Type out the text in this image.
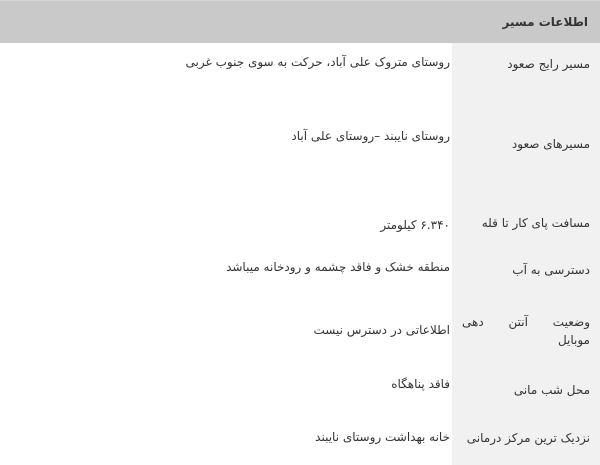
اطلاعات مسیر
مسیر رایج صعود
روستای متروک علی آباد، حرکت به سوی جنوب غربی
مسیرهای صعود
روستای نایبند –روستای علی آباد
مسافت پای کار تا قله
۶.۳۴۰ کیلومتر
دسترسی به آب
منطقه خشک و فاقد چشمه و رودخانه میباشد
وضعیت آنتن دهی
موبایل
اطلاعاتی در دسترس نیست
محل شب مانی
فاقد پناهگاه
نزدیک ترین مرکز درمانی
خانه بهداشت روستای نایبند
